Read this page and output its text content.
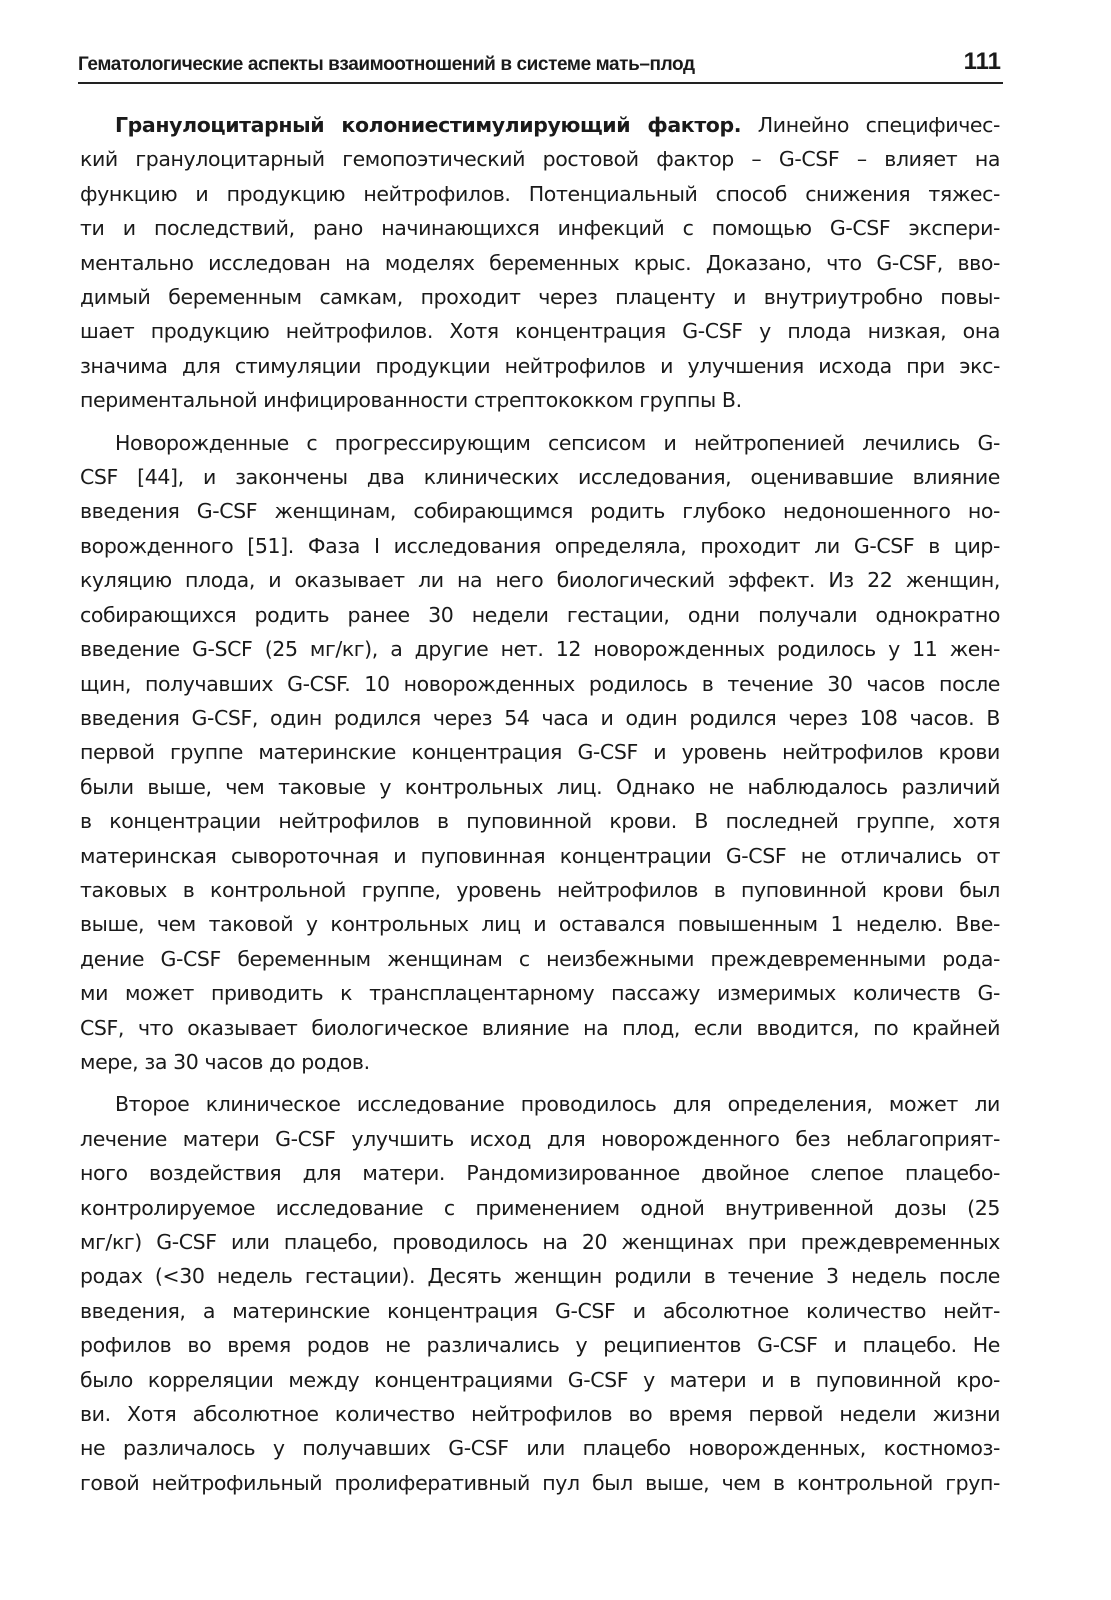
Гематологические аспекты взаимоотношений в системе мать–плод	111
Гранулоцитарный колониестимулирующий фактор. Линейно специфичес-
кий гранулоцитарный гемопоэтический ростовой фактор – G-CSF – влияет на
функцию и продукцию нейтрофилов. Потенциальный способ снижения тяжес-
ти и последствий, рано начинающихся инфекций с помощью G-CSF экспери-
ментально исследован на моделях беременных крыс. Доказано, что G-CSF, вво-
димый беременным самкам, проходит через плаценту и внутриутробно повы-
шает продукцию нейтрофилов. Хотя концентрация G-CSF у плода низкая, она
значима для стимуляции продукции нейтрофилов и улучшения исхода при экс-
периментальной инфицированности стрептококком группы B.
Новорожденные с прогрессирующим сепсисом и нейтропенией лечились G-
CSF [44], и закончены два клинических исследования, оценивавшие влияние
введения G-CSF женщинам, собирающимся родить глубоко недоношенного но-
ворожденного [51]. Фаза I исследования определяла, проходит ли G-CSF в цир-
куляцию плода, и оказывает ли на него биологический эффект. Из 22 женщин,
собирающихся родить ранее 30 недели гестации, одни получали однократно
введение G-SCF (25 мг/кг), а другие нет. 12 новорожденных родилось у 11 жен-
щин, получавших G-CSF. 10 новорожденных родилось в течение 30 часов после
введения G-CSF, один родился через 54 часа и один родился через 108 часов. В
первой группе материнские концентрация G-CSF и уровень нейтрофилов крови
были выше, чем таковые у контрольных лиц. Однако не наблюдалось различий
в концентрации нейтрофилов в пуповинной крови. В последней группе, хотя
материнская сывороточная и пуповинная концентрации G-CSF не отличались от
таковых в контрольной группе, уровень нейтрофилов в пуповинной крови был
выше, чем таковой у контрольных лиц и оставался повышенным 1 неделю. Вве-
дение G-CSF беременным женщинам с неизбежными преждевременными рода-
ми может приводить к трансплацентарному пассажу измеримых количеств G-
CSF, что оказывает биологическое влияние на плод, если вводится, по крайней
мере, за 30 часов до родов.
Второе клиническое исследование проводилось для определения, может ли
лечение матери G-CSF улучшить исход для новорожденного без неблагоприят-
ного воздействия для матери. Рандомизированное двойное слепое плацебо-
контролируемое исследование с применением одной внутривенной дозы (25
мг/кг) G-CSF или плацебо, проводилось на 20 женщинах при преждевременных
родах (<30 недель гестации). Десять женщин родили в течение 3 недель после
введения, а материнские концентрация G-CSF и абсолютное количество нейт-
рофилов во время родов не различались у реципиентов G-CSF и плацебо. Не
было корреляции между концентрациями G-CSF у матери и в пуповинной кро-
ви. Хотя абсолютное количество нейтрофилов во время первой недели жизни
не различалось у получавших G-CSF или плацебо новорожденных, костномоз-
говой нейтрофильный пролиферативный пул был выше, чем в контрольной груп-
